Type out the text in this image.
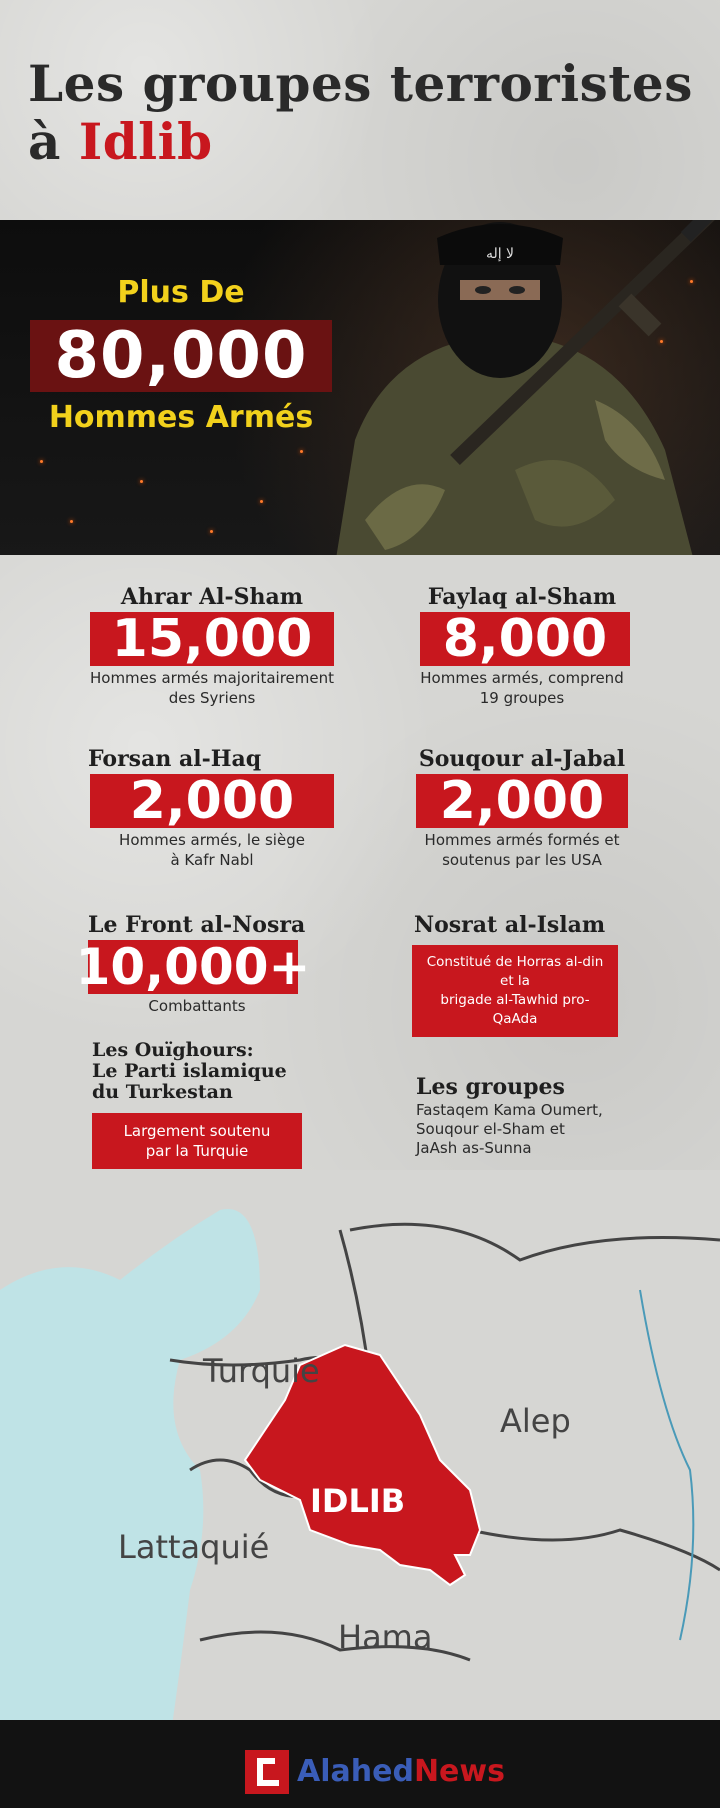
Les groupes terroristes
à Idlib
ﻻ ﺇﻟﻪ
Plus De
80,000
Hommes Armés

Ahrar Al-Sham

15,000
Hommes armés majoritairement
des Syriens

Faylaq al-Sham

8,000
Hommes armés, comprend
19 groupes

Forsan al-Haq

2,000
Hommes armés, le siège
à Kafr Nabl

Souqour al-Jabal

2,000
Hommes armés formés et
soutenus par les USA

Le Front al-Nosra

10,000+
Combattants

Nosrat al-Islam

Constitué de Horras al-din et la
brigade al-Tawhid pro-QaAda

Les Ouïghours:
Le Parti islamique
du Turkestan

Largement soutenu
par la Turquie

Les groupes

Fastaqem Kama Oumert,
Souqour el-Sham et
JaAsh as-Sunna
Turquie
Alep
IDLIB
Lattaquié
Hama
AlahedNews
